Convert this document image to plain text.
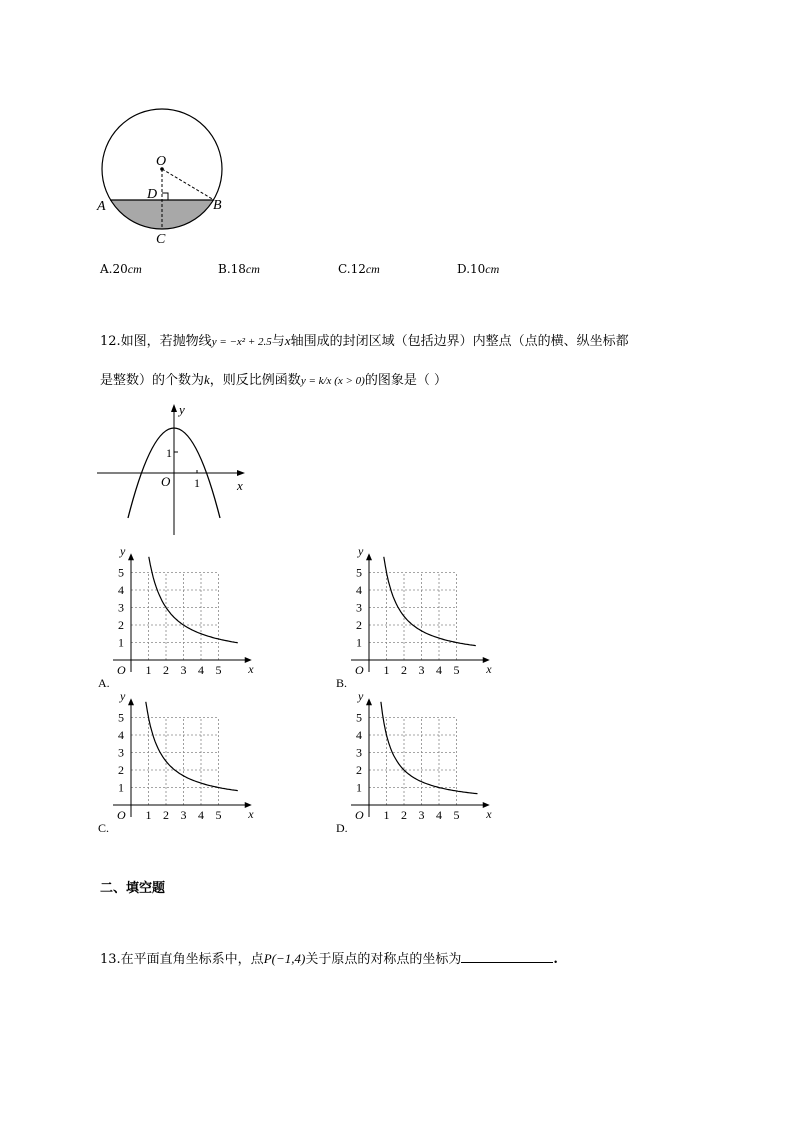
O
D
A	B
C
A.20cm	B.18cm	C.12cm	D.10cm
12.如图，若抛物线y = −x² + 2.5与x轴围成的封闭区域（包括边界）内整点（点的横、纵坐标都
是整数）的个数为k，则反比例函数y = k/x (x > 0)的图象是（ ）
y
x
O 1
1
1
1
2
2
3
3
4
4
5
5
x
y
O
A.
1
1
2
2
3
3
4
4
5
5
x
y
O
B.
1
1
2
2
3
3
4
4
5
5
x
y
O
C.
1
1
2
2
3
3
4
4
5
5
x
y
O
D.
二、填空题
13.在平面直角坐标系中，点P(−1,4)关于原点的对称点的坐标为	.
